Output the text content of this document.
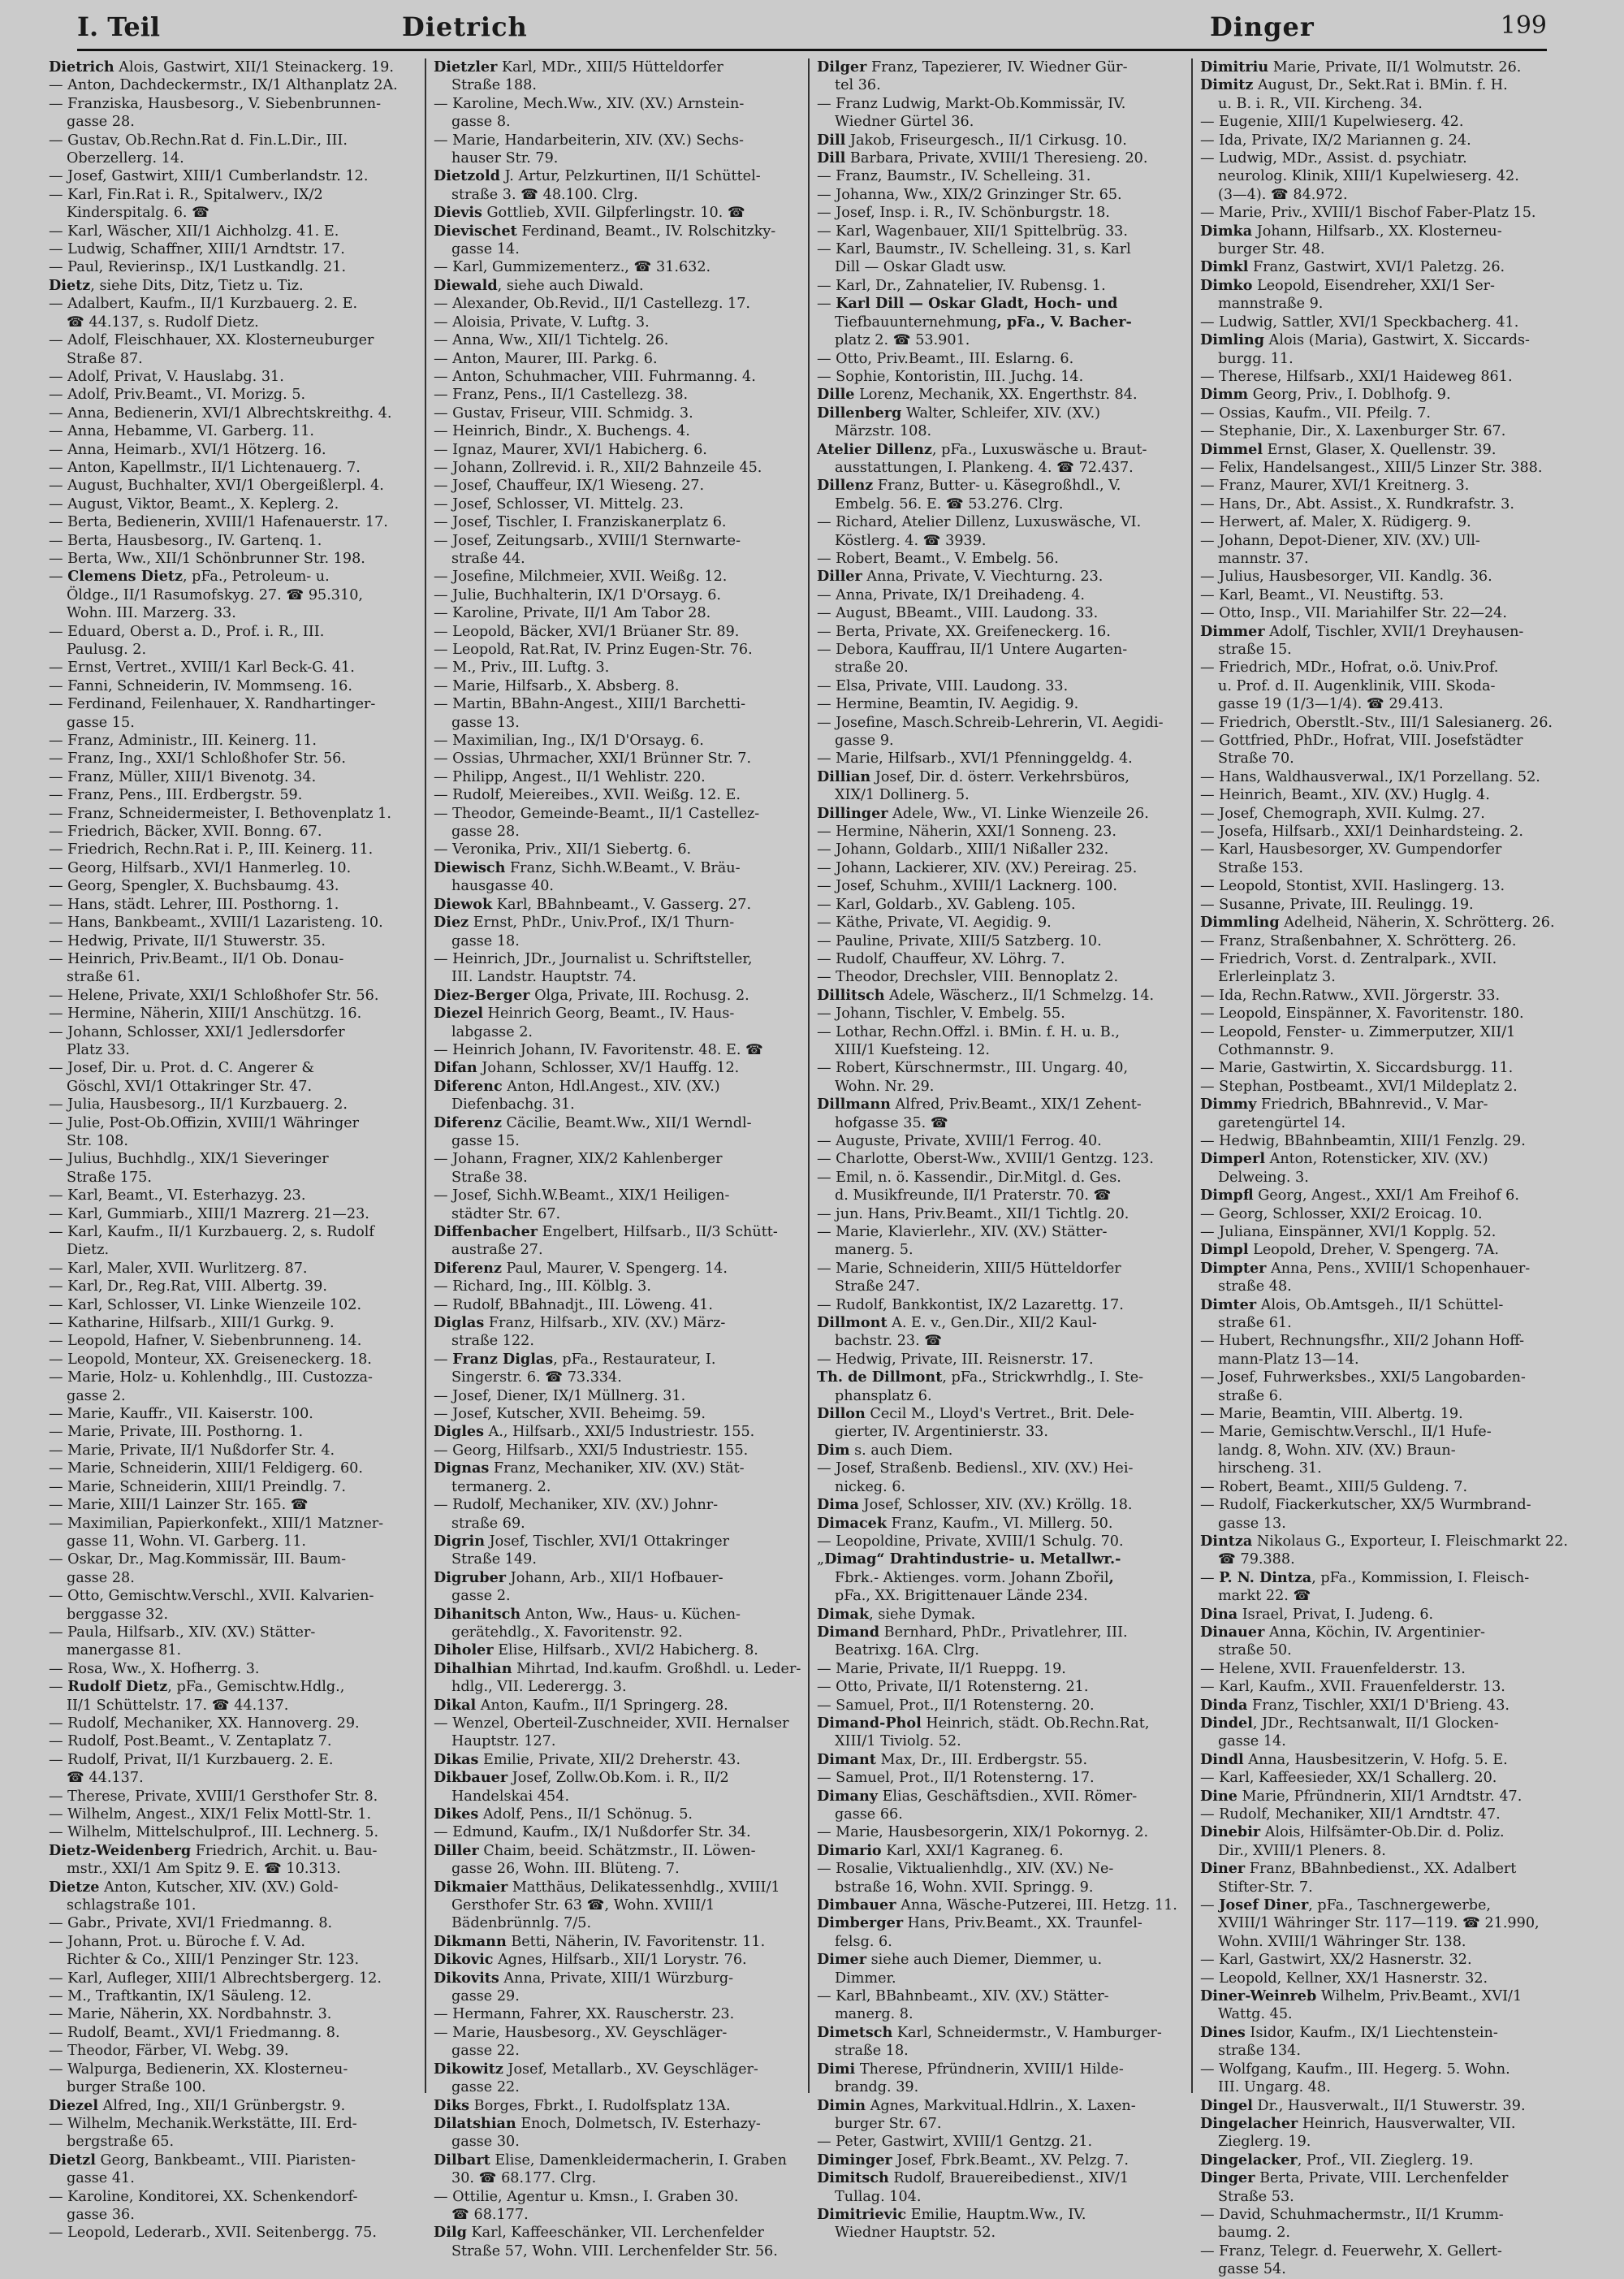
I. Teil	Dietrich	Dinger	199
Dietrich Alois, Gastwirt, XII/1 Steinackerg. 19.
— Anton, Dachdeckermstr., IX/1 Althanplatz 2A.
— Franziska, Hausbesorg., V. Siebenbrunnen-
gasse 28.
— Gustav, Ob.Rechn.Rat d. Fin.L.Dir., III.
Oberzellerg. 14.
— Josef, Gastwirt, XIII/1 Cumberlandstr. 12.
— Karl, Fin.Rat i. R., Spitalwerv., IX/2
Kinderspitalg. 6. ☎
— Karl, Wäscher, XII/1 Aichholzg. 41. E.
— Ludwig, Schaffner, XIII/1 Arndtstr. 17.
— Paul, Revierinsp., IX/1 Lustkandlg. 21.
Dietz, siehe Dits, Ditz, Tietz u. Tiz.
— Adalbert, Kaufm., II/1 Kurzbauerg. 2. E.
☎ 44.137, s. Rudolf Dietz.
— Adolf, Fleischhauer, XX. Klosterneuburger
Straße 87.
— Adolf, Privat, V. Hauslabg. 31.
— Adolf, Priv.Beamt., VI. Morizg. 5.
— Anna, Bedienerin, XVI/1 Albrechtskreithg. 4.
— Anna, Hebamme, VI. Garberg. 11.
— Anna, Heimarb., XVI/1 Hötzerg. 16.
— Anton, Kapellmstr., II/1 Lichtenauerg. 7.
— August, Buchhalter, XVI/1 Obergeißlerpl. 4.
— August, Viktor, Beamt., X. Keplerg. 2.
— Berta, Bedienerin, XVIII/1 Hafenauerstr. 17.
— Berta, Hausbesorg., IV. Gartenq. 1.
— Berta, Ww., XII/1 Schönbrunner Str. 198.
— Clemens Dietz, pFa., Petroleum- u.
Öldge., II/1 Rasumofskyg. 27. ☎ 95.310,
Wohn. III. Marzerg. 33.
— Eduard, Oberst a. D., Prof. i. R., III.
Paulusg. 2.
— Ernst, Vertret., XVIII/1 Karl Beck-G. 41.
— Fanni, Schneiderin, IV. Mommseng. 16.
— Ferdinand, Feilenhauer, X. Randhartinger-
gasse 15.
— Franz, Administr., III. Keinerg. 11.
— Franz, Ing., XXI/1 Schloßhofer Str. 56.
— Franz, Müller, XIII/1 Bivenotg. 34.
— Franz, Pens., III. Erdbergstr. 59.
— Franz, Schneidermeister, I. Bethovenplatz 1.
— Friedrich, Bäcker, XVII. Bonng. 67.
— Friedrich, Rechn.Rat i. P., III. Keinerg. 11.
— Georg, Hilfsarb., XVI/1 Hanmerleg. 10.
— Georg, Spengler, X. Buchsbaumg. 43.
— Hans, städt. Lehrer, III. Posthorng. 1.
— Hans, Bankbeamt., XVIII/1 Lazaristeng. 10.
— Hedwig, Private, II/1 Stuwerstr. 35.
— Heinrich, Priv.Beamt., II/1 Ob. Donau-
straße 61.
— Helene, Private, XXI/1 Schloßhofer Str. 56.
— Hermine, Näherin, XIII/1 Anschützg. 16.
— Johann, Schlosser, XXI/1 Jedlersdorfer
Platz 33.
— Josef, Dir. u. Prot. d. C. Angerer &
Göschl, XVI/1 Ottakringer Str. 47.
— Julia, Hausbesorg., II/1 Kurzbauerg. 2.
— Julie, Post-Ob.Offizin, XVIII/1 Währinger
Str. 108.
— Julius, Buchhdlg., XIX/1 Sieveringer
Straße 175.
— Karl, Beamt., VI. Esterhazyg. 23.
— Karl, Gummiarb., XIII/1 Mazrerg. 21—23.
— Karl, Kaufm., II/1 Kurzbauerg. 2, s. Rudolf
Dietz.
— Karl, Maler, XVII. Wurlitzerg. 87.
— Karl, Dr., Reg.Rat, VIII. Albertg. 39.
— Karl, Schlosser, VI. Linke Wienzeile 102.
— Katharine, Hilfsarb., XIII/1 Gurkg. 9.
— Leopold, Hafner, V. Siebenbrunneng. 14.
— Leopold, Monteur, XX. Greiseneckerg. 18.
— Marie, Holz- u. Kohlenhdlg., III. Custozza-
gasse 2.
— Marie, Kauffr., VII. Kaiserstr. 100.
— Marie, Private, III. Posthorng. 1.
— Marie, Private, II/1 Nußdorfer Str. 4.
— Marie, Schneiderin, XIII/1 Feldigerg. 60.
— Marie, Schneiderin, XIII/1 Preindlg. 7.
— Marie, XIII/1 Lainzer Str. 165. ☎
— Maximilian, Papierkonfekt., XIII/1 Matzner-
gasse 11, Wohn. VI. Garberg. 11.
— Oskar, Dr., Mag.Kommissär, III. Baum-
gasse 28.
— Otto, Gemischtw.Verschl., XVII. Kalvarien-
berggasse 32.
— Paula, Hilfsarb., XIV. (XV.) Stätter-
manergasse 81.
— Rosa, Ww., X. Hofherrg. 3.
— Rudolf Dietz, pFa., Gemischtw.Hdlg.,
II/1 Schüttelstr. 17. ☎ 44.137.
— Rudolf, Mechaniker, XX. Hannoverg. 29.
— Rudolf, Post.Beamt., V. Zentaplatz 7.
— Rudolf, Privat, II/1 Kurzbauerg. 2. E.
☎ 44.137.
— Therese, Private, XVIII/1 Gersthofer Str. 8.
— Wilhelm, Angest., XIX/1 Felix Mottl-Str. 1.
— Wilhelm, Mittelschulprof., III. Lechnerg. 5.
Dietz-Weidenberg Friedrich, Archit. u. Bau-
mstr., XXI/1 Am Spitz 9. E. ☎ 10.313.
Dietze Anton, Kutscher, XIV. (XV.) Gold-
schlagstraße 101.
— Gabr., Private, XVI/1 Friedmanng. 8.
— Johann, Prot. u. Büroche f. V. Ad.
Richter & Co., XIII/1 Penzinger Str. 123.
— Karl, Aufleger, XIII/1 Albrechtsbergerg. 12.
— M., Traftkantin, IX/1 Säuleng. 12.
— Marie, Näherin, XX. Nordbahnstr. 3.
— Rudolf, Beamt., XVI/1 Friedmanng. 8.
— Theodor, Färber, VI. Webg. 39.
— Walpurga, Bedienerin, XX. Klosterneu-
burger Straße 100.
Diezel Alfred, Ing., XII/1 Grünbergstr. 9.
— Wilhelm, Mechanik.Werkstätte, III. Erd-
bergstraße 65.
Dietzl Georg, Bankbeamt., VIII. Piaristen-
gasse 41.
— Karoline, Konditorei, XX. Schenkendorf-
gasse 36.
— Leopold, Lederarb., XVII. Seitenbergg. 75.
Dietzler Karl, MDr., XIII/5 Hütteldorfer
Straße 188.
— Karoline, Mech.Ww., XIV. (XV.) Arnstein-
gasse 8.
— Marie, Handarbeiterin, XIV. (XV.) Sechs-
hauser Str. 79.
Dietzold J. Artur, Pelzkurtinen, II/1 Schüttel-
straße 3. ☎ 48.100. Clrg.
Dievis Gottlieb, XVII. Gilpferlingstr. 10. ☎
Dievischet Ferdinand, Beamt., IV. Rolschitzky-
gasse 14.
— Karl, Gummizementerz., ☎ 31.632.
Diewald, siehe auch Diwald.
— Alexander, Ob.Revid., II/1 Castellezg. 17.
— Aloisia, Private, V. Luftg. 3.
— Anna, Ww., XII/1 Tichtelg. 26.
— Anton, Maurer, III. Parkg. 6.
— Anton, Schuhmacher, VIII. Fuhrmanng. 4.
— Franz, Pens., II/1 Castellezg. 38.
— Gustav, Friseur, VIII. Schmidg. 3.
— Heinrich, Bindr., X. Buchengs. 4.
— Ignaz, Maurer, XVI/1 Habicherg. 6.
— Johann, Zollrevid. i. R., XII/2 Bahnzeile 45.
— Josef, Chauffeur, IX/1 Wieseng. 27.
— Josef, Schlosser, VI. Mittelg. 23.
— Josef, Tischler, I. Franziskanerplatz 6.
— Josef, Zeitungsarb., XVIII/1 Sternwarte-
straße 44.
— Josefine, Milchmeier, XVII. Weißg. 12.
— Julie, Buchhalterin, IX/1 D'Orsayg. 6.
— Karoline, Private, II/1 Am Tabor 28.
— Leopold, Bäcker, XVI/1 Brüaner Str. 89.
— Leopold, Rat.Rat, IV. Prinz Eugen-Str. 76.
— M., Priv., III. Luftg. 3.
— Marie, Hilfsarb., X. Absberg. 8.
— Martin, BBahn-Angest., XIII/1 Barchetti-
gasse 13.
— Maximilian, Ing., IX/1 D'Orsayg. 6.
— Ossias, Uhrmacher, XXI/1 Brünner Str. 7.
— Philipp, Angest., II/1 Wehlistr. 220.
— Rudolf, Meiereibes., XVII. Weißg. 12. E.
— Theodor, Gemeinde-Beamt., II/1 Castellez-
gasse 28.
— Veronika, Priv., XII/1 Siebertg. 6.
Diewisch Franz, Sichh.W.Beamt., V. Bräu-
hausgasse 40.
Diewok Karl, BBahnbeamt., V. Gasserg. 27.
Diez Ernst, PhDr., Univ.Prof., IX/1 Thurn-
gasse 18.
— Heinrich, JDr., Journalist u. Schriftsteller,
III. Landstr. Hauptstr. 74.
Diez-Berger Olga, Private, III. Rochusg. 2.
Diezel Heinrich Georg, Beamt., IV. Haus-
labgasse 2.
— Heinrich Johann, IV. Favoritenstr. 48. E. ☎
Difan Johann, Schlosser, XV/1 Hauffg. 12.
Diferenc Anton, Hdl.Angest., XIV. (XV.)
Diefenbachg. 31.
Diferenz Cäcilie, Beamt.Ww., XII/1 Werndl-
gasse 15.
— Johann, Fragner, XIX/2 Kahlenberger
Straße 38.
— Josef, Sichh.W.Beamt., XIX/1 Heiligen-
städter Str. 67.
Diffenbacher Engelbert, Hilfsarb., II/3 Schütt-
austraße 27.
Diferenz Paul, Maurer, V. Spengerg. 14.
— Richard, Ing., III. Kölblg. 3.
— Rudolf, BBahnadjt., III. Löweng. 41.
Diglas Franz, Hilfsarb., XIV. (XV.) März-
straße 122.
— Franz Diglas, pFa., Restaurateur, I.
Singerstr. 6. ☎ 73.334.
— Josef, Diener, IX/1 Müllnerg. 31.
— Josef, Kutscher, XVII. Beheimg. 59.
Digles A., Hilfsarb., XXI/5 Industriestr. 155.
— Georg, Hilfsarb., XXI/5 Industriestr. 155.
Dignas Franz, Mechaniker, XIV. (XV.) Stät-
termanerg. 2.
— Rudolf, Mechaniker, XIV. (XV.) Johnr-
straße 69.
Digrin Josef, Tischler, XVI/1 Ottakringer
Straße 149.
Digruber Johann, Arb., XII/1 Hofbauer-
gasse 2.
Dihanitsch Anton, Ww., Haus- u. Küchen-
gerätehdlg., X. Favoritenstr. 92.
Diholer Elise, Hilfsarb., XVI/2 Habicherg. 8.
Dihalhian Mihrtad, Ind.kaufm. Großhdl. u. Leder-
hdlg., VII. Lederergg. 3.
Dikal Anton, Kaufm., II/1 Springerg. 28.
— Wenzel, Oberteil-Zuschneider, XVII. Hernalser
Hauptstr. 127.
Dikas Emilie, Private, XII/2 Dreherstr. 43.
Dikbauer Josef, Zollw.Ob.Kom. i. R., II/2
Handelskai 454.
Dikes Adolf, Pens., II/1 Schönug. 5.
— Edmund, Kaufm., IX/1 Nußdorfer Str. 34.
Diller Chaim, beeid. Schätzmstr., II. Löwen-
gasse 26, Wohn. III. Blüteng. 7.
Dikmaier Matthäus, Delikatessenhdlg., XVIII/1
Gersthofer Str. 63 ☎, Wohn. XVIII/1
Bädenbrünnlg. 7/5.
Dikmann Betti, Näherin, IV. Favoritenstr. 11.
Dikovic Agnes, Hilfsarb., XII/1 Lorystr. 76.
Dikovits Anna, Private, XIII/1 Würzburg-
gasse 29.
— Hermann, Fahrer, XX. Rauscherstr. 23.
— Marie, Hausbesorg., XV. Geyschläger-
gasse 22.
Dikowitz Josef, Metallarb., XV. Geyschläger-
gasse 22.
Diks Borges, Fbrkt., I. Rudolfsplatz 13A.
Dilatshian Enoch, Dolmetsch, IV. Esterhazy-
gasse 30.
Dilbart Elise, Damenkleidermacherin, I. Graben
30. ☎ 68.177. Clrg.
— Ottilie, Agentur u. Kmsn., I. Graben 30.
☎ 68.177.
Dilg Karl, Kaffeeschänker, VII. Lerchenfelder
Straße 57, Wohn. VIII. Lerchenfelder Str. 56.
Dilger Franz, Tapezierer, IV. Wiedner Gür-
tel 36.
— Franz Ludwig, Markt-Ob.Kommissär, IV.
Wiedner Gürtel 36.
Dill Jakob, Friseurgesch., II/1 Cirkusg. 10.
Dill Barbara, Private, XVIII/1 Theresieng. 20.
— Franz, Baumstr., IV. Schelleing. 31.
— Johanna, Ww., XIX/2 Grinzinger Str. 65.
— Josef, Insp. i. R., IV. Schönburgstr. 18.
— Karl, Wagenbauer, XII/1 Spittelbrüg. 33.
— Karl, Baumstr., IV. Schelleing. 31, s. Karl
Dill — Oskar Gladt usw.
— Karl, Dr., Zahnatelier, IV. Rubensg. 1.
— Karl Dill — Oskar Gladt, Hoch- und
Tiefbauunternehmung, pFa., V. Bacher-
platz 2. ☎ 53.901.
— Otto, Priv.Beamt., III. Eslarng. 6.
— Sophie, Kontoristin, III. Juchg. 14.
Dille Lorenz, Mechanik, XX. Engerthstr. 84.
Dillenberg Walter, Schleifer, XIV. (XV.)
Märzstr. 108.
Atelier Dillenz, pFa., Luxuswäsche u. Braut-
ausstattungen, I. Plankeng. 4. ☎ 72.437.
Dillenz Franz, Butter- u. Käsegroßhdl., V.
Embelg. 56. E. ☎ 53.276. Clrg.
— Richard, Atelier Dillenz, Luxuswäsche, VI.
Köstlerg. 4. ☎ 3939.
— Robert, Beamt., V. Embelg. 56.
Diller Anna, Private, V. Viechturng. 23.
— Anna, Private, IX/1 Dreihadeng. 4.
— August, BBeamt., VIII. Laudong. 33.
— Berta, Private, XX. Greifeneckerg. 16.
— Debora, Kauffrau, II/1 Untere Augarten-
straße 20.
— Elsa, Private, VIII. Laudong. 33.
— Hermine, Beamtin, IV. Aegidig. 9.
— Josefine, Masch.Schreib-Lehrerin, VI. Aegidi-
gasse 9.
— Marie, Hilfsarb., XVI/1 Pfenninggeldg. 4.
Dillian Josef, Dir. d. österr. Verkehrsbüros,
XIX/1 Dollinerg. 5.
Dillinger Adele, Ww., VI. Linke Wienzeile 26.
— Hermine, Näherin, XXI/1 Sonneng. 23.
— Johann, Goldarb., XIII/1 Nißaller 232.
— Johann, Lackierer, XIV. (XV.) Pereirag. 25.
— Josef, Schuhm., XVIII/1 Lacknerg. 100.
— Karl, Goldarb., XV. Gableng. 105.
— Käthe, Private, VI. Aegidig. 9.
— Pauline, Private, XIII/5 Satzberg. 10.
— Rudolf, Chauffeur, XV. Löhrg. 7.
— Theodor, Drechsler, VIII. Bennoplatz 2.
Dillitsch Adele, Wäscherz., II/1 Schmelzg. 14.
— Johann, Tischler, V. Embelg. 55.
— Lothar, Rechn.Offzl. i. BMin. f. H. u. B.,
XIII/1 Kuefsteing. 12.
— Robert, Kürschnermstr., III. Ungarg. 40,
Wohn. Nr. 29.
Dillmann Alfred, Priv.Beamt., XIX/1 Zehent-
hofgasse 35. ☎
— Auguste, Private, XVIII/1 Ferrog. 40.
— Charlotte, Oberst-Ww., XVIII/1 Gentzg. 123.
— Emil, n. ö. Kassendir., Dir.Mitgl. d. Ges.
d. Musikfreunde, II/1 Praterstr. 70. ☎
— jun. Hans, Priv.Beamt., XII/1 Tichtlg. 20.
— Marie, Klavierlehr., XIV. (XV.) Stätter-
manerg. 5.
— Marie, Schneiderin, XIII/5 Hütteldorfer
Straße 247.
— Rudolf, Bankkontist, IX/2 Lazarettg. 17.
Dillmont A. E. v., Gen.Dir., XII/2 Kaul-
bachstr. 23. ☎
— Hedwig, Private, III. Reisnerstr. 17.
Th. de Dillmont, pFa., Strickwrhdlg., I. Ste-
phansplatz 6.
Dillon Cecil M., Lloyd's Vertret., Brit. Dele-
gierter, IV. Argentinierstr. 33.
Dim s. auch Diem.
— Josef, Straßenb. Bediensl., XIV. (XV.) Hei-
nickeg. 6.
Dima Josef, Schlosser, XIV. (XV.) Kröllg. 18.
Dimacek Franz, Kaufm., VI. Millerg. 50.
— Leopoldine, Private, XVIII/1 Schulg. 70.
„Dimag“ Drahtindustrie- u. Metallwr.-
Fbrk.- Aktienges. vorm. Johann Zbořil,
pFa., XX. Brigittenauer Lände 234.
Dimak, siehe Dymak.
Dimand Bernhard, PhDr., Privatlehrer, III.
Beatrixg. 16A. Clrg.
— Marie, Private, II/1 Rueppg. 19.
— Otto, Private, II/1 Rotensterng. 21.
— Samuel, Prot., II/1 Rotensterng. 20.
Dimand-Phol Heinrich, städt. Ob.Rechn.Rat,
XIII/1 Tiviolg. 52.
Dimant Max, Dr., III. Erdbergstr. 55.
— Samuel, Prot., II/1 Rotensterng. 17.
Dimany Elias, Geschäftsdien., XVII. Römer-
gasse 66.
— Marie, Hausbesorgerin, XIX/1 Pokornyg. 2.
Dimario Karl, XXI/1 Kagraneg. 6.
— Rosalie, Viktualienhdlg., XIV. (XV.) Ne-
bstraße 16, Wohn. XVII. Springg. 9.
Dimbauer Anna, Wäsche-Putzerei, III. Hetzg. 11.
Dimberger Hans, Priv.Beamt., XX. Traunfel-
felsg. 6.
Dimer siehe auch Diemer, Diemmer, u.
Dimmer.
— Karl, BBahnbeamt., XIV. (XV.) Stätter-
manerg. 8.
Dimetsch Karl, Schneidermstr., V. Hamburger-
straße 18.
Dimi Therese, Pfründnerin, XVIII/1 Hilde-
brandg. 39.
Dimin Agnes, Markvitual.Hdlrin., X. Laxen-
burger Str. 67.
— Peter, Gastwirt, XVIII/1 Gentzg. 21.
Diminger Josef, Fbrk.Beamt., XV. Pelzg. 7.
Dimitsch Rudolf, Brauereibedienst., XIV/1
Tullag. 104.
Dimitrievic Emilie, Hauptm.Ww., IV.
Wiedner Hauptstr. 52.
Dimitriu Marie, Private, II/1 Wolmutstr. 26.
Dimitz August, Dr., Sekt.Rat i. BMin. f. H.
u. B. i. R., VII. Kircheng. 34.
— Eugenie, XIII/1 Kupelwieserg. 42.
— Ida, Private, IX/2 Mariannen g. 24.
— Ludwig, MDr., Assist. d. psychiatr.
neurolog. Klinik, XIII/1 Kupelwieserg. 42.
(3—4). ☎ 84.972.
— Marie, Priv., XVIII/1 Bischof Faber-Platz 15.
Dimka Johann, Hilfsarb., XX. Klosterneu-
burger Str. 48.
Dimkl Franz, Gastwirt, XVI/1 Paletzg. 26.
Dimko Leopold, Eisendreher, XXI/1 Ser-
mannstraße 9.
— Ludwig, Sattler, XVI/1 Speckbacherg. 41.
Dimling Alois (Maria), Gastwirt, X. Siccards-
burgg. 11.
— Therese, Hilfsarb., XXI/1 Haideweg 861.
Dimm Georg, Priv., I. Doblhofg. 9.
— Ossias, Kaufm., VII. Pfeilg. 7.
— Stephanie, Dir., X. Laxenburger Str. 67.
Dimmel Ernst, Glaser, X. Quellenstr. 39.
— Felix, Handelsangest., XIII/5 Linzer Str. 388.
— Franz, Maurer, XVI/1 Kreitnerg. 3.
— Hans, Dr., Abt. Assist., X. Rundkrafstr. 3.
— Herwert, af. Maler, X. Rüdigerg. 9.
— Johann, Depot-Diener, XIV. (XV.) Ull-
mannstr. 37.
— Julius, Hausbesorger, VII. Kandlg. 36.
— Karl, Beamt., VI. Neustiftg. 53.
— Otto, Insp., VII. Mariahilfer Str. 22—24.
Dimmer Adolf, Tischler, XVII/1 Dreyhausen-
straße 15.
— Friedrich, MDr., Hofrat, o.ö. Univ.Prof.
u. Prof. d. II. Augenklinik, VIII. Skoda-
gasse 19 (1/3—1/4). ☎ 29.413.
— Friedrich, Oberstlt.-Stv., III/1 Salesianerg. 26.
— Gottfried, PhDr., Hofrat, VIII. Josefstädter
Straße 70.
— Hans, Waldhausverwal., IX/1 Porzellang. 52.
— Heinrich, Beamt., XIV. (XV.) Huglg. 4.
— Josef, Chemograph, XVII. Kulmg. 27.
— Josefa, Hilfsarb., XXI/1 Deinhardsteing. 2.
— Karl, Hausbesorger, XV. Gumpendorfer
Straße 153.
— Leopold, Stontist, XVII. Haslingerg. 13.
— Susanne, Private, III. Reulingg. 19.
Dimmling Adelheid, Näherin, X. Schrötterg. 26.
— Franz, Straßenbahner, X. Schrötterg. 26.
— Friedrich, Vorst. d. Zentralpark., XVII.
Erlerleinplatz 3.
— Ida, Rechn.Ratww., XVII. Jörgerstr. 33.
— Leopold, Einspänner, X. Favoritenstr. 180.
— Leopold, Fenster- u. Zimmerputzer, XII/1
Cothmannstr. 9.
— Marie, Gastwirtin, X. Siccardsburgg. 11.
— Stephan, Postbeamt., XVI/1 Mildeplatz 2.
Dimmy Friedrich, BBahnrevid., V. Mar-
garetengürtel 14.
— Hedwig, BBahnbeamtin, XIII/1 Fenzlg. 29.
Dimperl Anton, Rotensticker, XIV. (XV.)
Delweing. 3.
Dimpfl Georg, Angest., XXI/1 Am Freihof 6.
— Georg, Schlosser, XXI/2 Eroicag. 10.
— Juliana, Einspänner, XVI/1 Kopplg. 52.
Dimpl Leopold, Dreher, V. Spengerg. 7A.
Dimpter Anna, Pens., XVIII/1 Schopenhauer-
straße 48.
Dimter Alois, Ob.Amtsgeh., II/1 Schüttel-
straße 61.
— Hubert, Rechnungsfhr., XII/2 Johann Hoff-
mann-Platz 13—14.
— Josef, Fuhrwerksbes., XXI/5 Langobarden-
straße 6.
— Marie, Beamtin, VIII. Albertg. 19.
— Marie, Gemischtw.Verschl., II/1 Hufe-
landg. 8, Wohn. XIV. (XV.) Braun-
hirscheng. 31.
— Robert, Beamt., XIII/5 Guldeng. 7.
— Rudolf, Fiackerkutscher, XX/5 Wurmbrand-
gasse 13.
Dintza Nikolaus G., Exporteur, I. Fleischmarkt 22.
☎ 79.388.
— P. N. Dintza, pFa., Kommission, I. Fleisch-
markt 22. ☎
Dina Israel, Privat, I. Judeng. 6.
Dinauer Anna, Köchin, IV. Argentinier-
straße 50.
— Helene, XVII. Frauenfelderstr. 13.
— Karl, Kaufm., XVII. Frauenfelderstr. 13.
Dinda Franz, Tischler, XXI/1 D'Brieng. 43.
Dindel, JDr., Rechtsanwalt, II/1 Glocken-
gasse 14.
Dindl Anna, Hausbesitzerin, V. Hofg. 5. E.
— Karl, Kaffeesieder, XX/1 Schallerg. 20.
Dine Marie, Pfründnerin, XII/1 Arndtstr. 47.
— Rudolf, Mechaniker, XII/1 Arndtstr. 47.
Dinebir Alois, Hilfsämter-Ob.Dir. d. Poliz.
Dir., XVIII/1 Pleners. 8.
Diner Franz, BBahnbedienst., XX. Adalbert
Stifter-Str. 7.
— Josef Diner, pFa., Taschnergewerbe,
XVIII/1 Währinger Str. 117—119. ☎ 21.990,
Wohn. XVIII/1 Währinger Str. 138.
— Karl, Gastwirt, XX/2 Hasnerstr. 32.
— Leopold, Kellner, XX/1 Hasnerstr. 32.
Diner-Weinreb Wilhelm, Priv.Beamt., XVI/1
Wattg. 45.
Dines Isidor, Kaufm., IX/1 Liechtenstein-
straße 134.
— Wolfgang, Kaufm., III. Hegerg. 5. Wohn.
III. Ungarg. 48.
Dingel Dr., Hausverwalt., II/1 Stuwerstr. 39.
Dingelacher Heinrich, Hausverwalter, VII.
Zieglerg. 19.
Dingelacker, Prof., VII. Zieglerg. 19.
Dinger Berta, Private, VIII. Lerchenfelder
Straße 53.
— David, Schuhmachermstr., II/1 Krumm-
baumg. 2.
— Franz, Telegr. d. Feuerwehr, X. Gellert-
gasse 54.
